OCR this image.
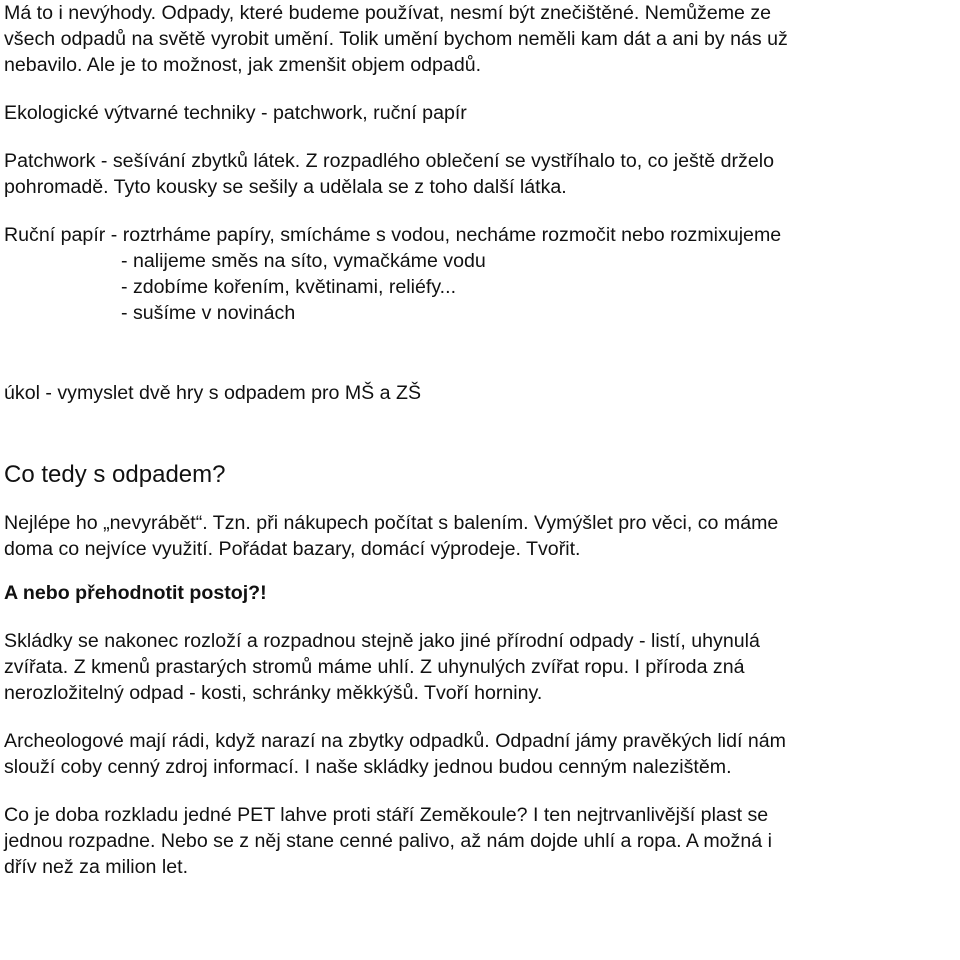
Má to i nevýhody. Odpady, které budeme používat, nesmí být znečištěné. Nemůžeme ze
všech odpadů na světě vyrobit umění. Tolik umění bychom neměli kam dát a ani by nás už
nebavilo. Ale je to možnost, jak zmenšit objem odpadů.
Ekologické výtvarné techniky - patchwork, ruční papír
Patchwork - sešívání zbytků látek. Z rozpadlého oblečení se vystříhalo to, co ještě drželo
pohromadě. Tyto kousky se sešily a udělala se z toho další látka.
Ruční papír - roztrháme papíry, smícháme s vodou, necháme rozmočit nebo rozmixujeme
- nalijeme směs na síto, vymačkáme vodu
- zdobíme kořením, květinami, reliéfy...
- sušíme v novinách
úkol - vymyslet dvě hry s odpadem pro MŠ a ZŠ
Co tedy s odpadem?
Nejlépe ho „nevyrábět“. Tzn. při nákupech počítat s balením. Vymýšlet pro věci, co máme
doma co nejvíce využití. Pořádat bazary, domácí výprodeje. Tvořit.
A nebo přehodnotit postoj?!
Skládky se nakonec rozloží a rozpadnou stejně jako jiné přírodní odpady - listí, uhynulá
zvířata. Z kmenů prastarých stromů máme uhlí. Z uhynulých zvířat ropu. I příroda zná
nerozložitelný odpad - kosti, schránky měkkýšů. Tvoří horniny.
Archeologové mají rádi, když narazí na zbytky odpadků. Odpadní jámy pravěkých lidí nám
slouží coby cenný zdroj informací. I naše skládky jednou budou cenným nalezištěm.
Co je doba rozkladu jedné PET lahve proti stáří Zeměkoule? I ten nejtrvanlivější plast se
jednou rozpadne. Nebo se z něj stane cenné palivo, až nám dojde uhlí a ropa. A možná i
dřív než za milion let.
